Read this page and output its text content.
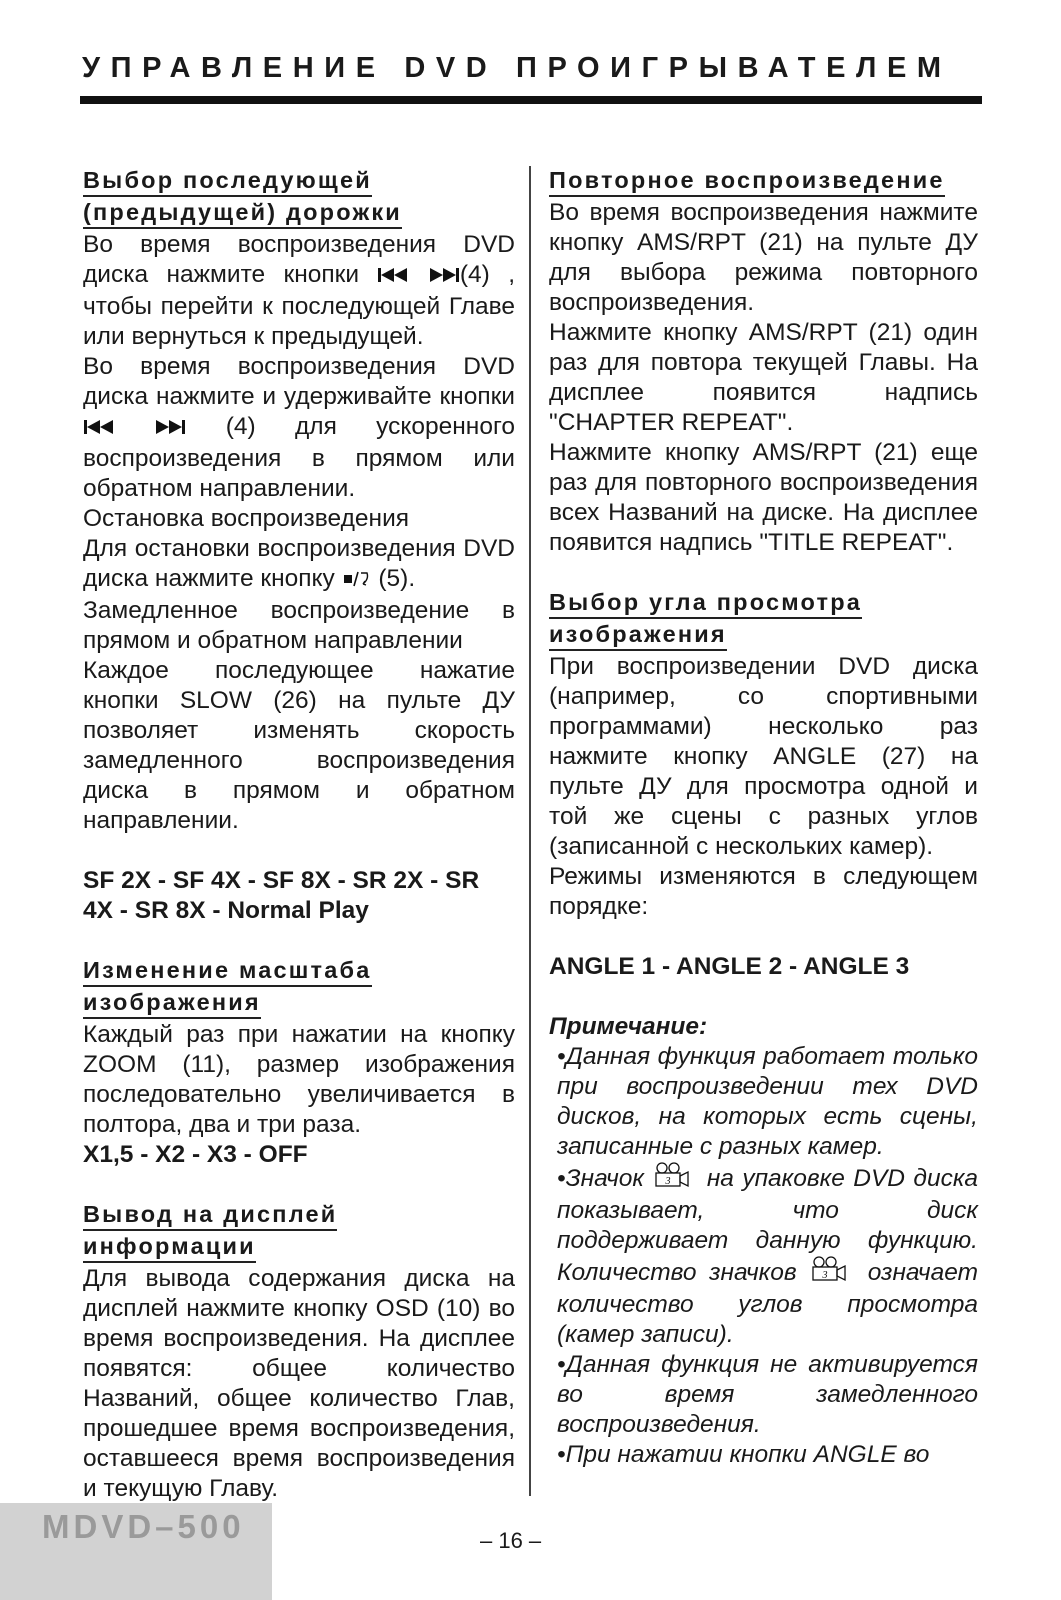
УПРАВЛЕНИЕ DVD ПРОИГРЫВАТЕЛЕМ
Выбор последующей
(предыдущей) дорожки

Во время воспроизведения DVD диска нажмите кнопки	(4) , чтобы перейти к последующей Главе или вернуться к предыдущей.

Во время воспроизведения DVD диска нажмите и удерживайте кнопки   (4) для ускоренного воспроизведения в прямом или обратном направлении.

Остановка воспроизведения

Для остановки воспроизведения DVD диска нажмите кнопку (5).

Замедленное воспроизведение в прямом и обратном направлении

Каждое последующее нажатие кнопки SLOW (26) на пульте ДУ позволяет изменять скорость замедленного воспроизведения диска в прямом и обратном направлении.

SF 2X - SF 4X - SF 8X - SR 2X - SR 4X - SR 8X - Normal Play

Изменение масштаба
изображения

Каждый раз при нажатии на кнопку ZOOM (11), размер изображения последовательно увеличивается в полтора, два и три раза.

X1,5 - X2 - X3 - OFF

Вывод на дисплей
информации

Для вывода содержания диска на дисплей нажмите кнопку OSD (10) во время воспроизведения. На дисплее появятся: общее количество Названий, общее количество Глав, прошедшее время воспроизведения, оставшееся время воспроизведения и текущую Главу.

Повторное воспроизведение

Во время воспроизведения нажмите кнопку AMS/RPT (21) на пульте ДУ для выбора режима повторного воспроизведения.

Нажмите кнопку AMS/RPT (21) один раз для повтора текущей Главы. На дисплее появится надпись "CHAPTER REPEAT".

Нажмите кнопку AMS/RPT (21) еще раз для повторного воспроизведения всех Названий на диске. На дисплее появится надпись "TITLE REPEAT".

Выбор угла просмотра
изображения

При воспроизведении DVD диска (например, со спортивными программами) несколько раз нажмите кнопку ANGLE (27) на пульте ДУ для просмотра одной и той же сцены с разных углов (записанной с нескольких камер).

Режимы изменяются в следующем порядке:

ANGLE 1 - ANGLE 2 - ANGLE 3

Примечание:

•Данная функция работает только при воспроизведении тех DVD дисков, на которых есть сцены, записанные с разных камер.

•Значок 3 на упаковке DVD диска показывает, что диск поддерживает данную функцию. Количество значков	3 означает количество углов просмотра (камер записи).

•Данная функция не активируется во время замедленного воспроизведения.

•При нажатии кнопки ANGLE во

MDVD–500	– 16 –
